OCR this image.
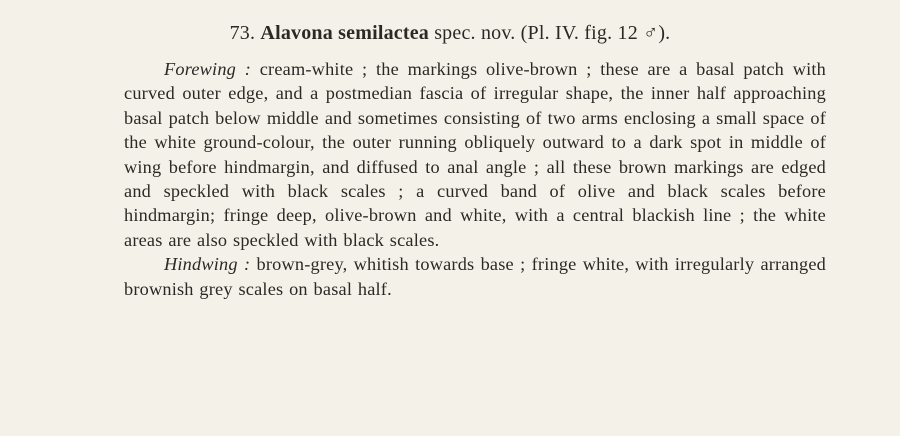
73. Alavona semilactea spec. nov. (Pl. IV. fig. 12 ♂).

Forewing : cream-white ; the markings olive-brown ; these are a basal patch with curved outer edge, and a postmedian fascia of irregular shape, the inner half approaching basal patch below middle and sometimes consisting of two arms enclosing a small space of the white ground-colour, the outer running obliquely outward to a dark spot in middle of wing before hindmargin, and diffused to anal angle ; all these brown markings are edged and speckled with black scales ; a curved band of olive and black scales before hindmargin; fringe deep, olive-brown and white, with a central blackish line ; the white areas are also speckled with black scales.

Hindwing : brown-grey, whitish towards base ; fringe white, with irregularly arranged brownish grey scales on basal half.
